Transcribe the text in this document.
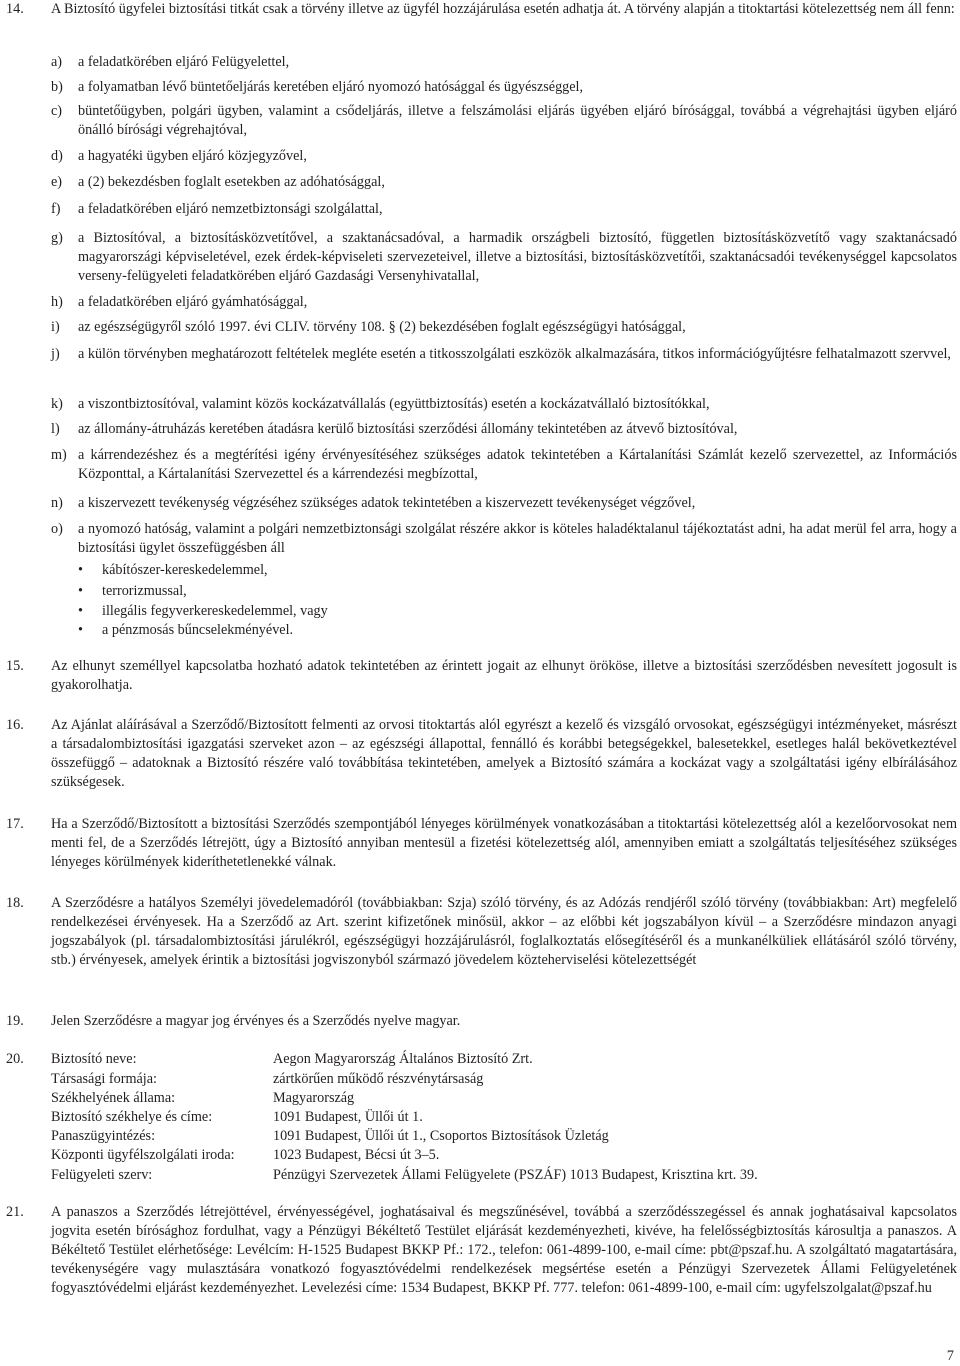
14. A Biztosító ügyfelei biztosítási titkát csak a törvény illetve az ügyfél hozzájárulása esetén adhatja át. A törvény alapján a titoktartási kötelezettség nem áll fenn:
a) a feladatkörében eljáró Felügyelettel,
b) a folyamatban lévő büntetőeljárás keretében eljáró nyomozó hatósággal és ügyészséggel,
c) büntetőügyben, polgári ügyben, valamint a csődeljárás, illetve a felszámolási eljárás ügyében eljáró bírósággal, továbbá a végrehajtási ügyben eljáró önálló bírósági végrehajtóval,
d) a hagyatéki ügyben eljáró közjegyzővel,
e) a (2) bekezdésben foglalt esetekben az adóhatósággal,
f) a feladatkörében eljáró nemzetbiztonsági szolgálattal,
g) a Biztosítóval, a biztosításközvetítővel, a szaktanácsadóval, a harmadik országbeli biztosító, független biztosításközvetítő vagy szaktanácsadó magyarországi képviseletével, ezek érdek-képviseleti szervezeteivel, illetve a biztosítási, biztosításközvetítői, szaktanácsadói tevékenységgel kapcsolatos verseny-felügyeleti feladatkörében eljáró Gazdasági Versenyhivatallal,
h) a feladatkörében eljáró gyámhatósággal,
i) az egészségügyről szóló 1997. évi CLIV. törvény 108. § (2) bekezdésében foglalt egészségügyi hatósággal,
j) a külön törvényben meghatározott feltételek megléte esetén a titkosszolgálati eszközök alkalmazására, titkos információgyűjtésre felhatalmazott szervvel,
k) a viszontbiztosítóval, valamint közös kockázatvállalás (együttbiztosítás) esetén a kockázatvállaló biztosítókkal,
l) az állomány-átruházás keretében átadásra kerülő biztosítási szerződési állomány tekintetében az átvevő biztosítóval,
m) a kárrendezéshez és a megtérítési igény érvényesítéséhez szükséges adatok tekintetében a Kártalanítási Számlát kezelő szervezettel, az Információs Központtal, a Kártalanítási Szervezettel és a kárrendezési megbízottal,
n) a kiszervezett tevékenység végzéséhez szükséges adatok tekintetében a kiszervezett tevékenységet végzővel,
o) a nyomozó hatóság, valamint a polgári nemzetbiztonsági szolgálat részére akkor is köteles haladéktalanul tájékoztatást adni, ha adat merül fel arra, hogy a biztosítási ügylet összefüggésben áll
• kábítószer-kereskedelemmel,
• terrorizmussal,
• illegális fegyverkereskedelemmel, vagy
• a pénzmosás bűncselekményével.
15. Az elhunyt személlyel kapcsolatba hozható adatok tekintetében az érintett jogait az elhunyt örököse, illetve a biztosítási szerződésben nevesített jogosult is gyakorolhatja.
16. Az Ajánlat aláírásával a Szerződő/Biztosított felmenti az orvosi titoktartás alól egyrészt a kezelő és vizsgáló orvosokat, egészségügyi intézményeket, másrészt a társadalombiztosítási igazgatási szerveket azon – az egészségi állapottal, fennálló és korábbi betegségekkel, balesetekkel, esetleges halál bekövetkeztével összefüggő – adatoknak a Biztosító részére való továbbítása tekintetében, amelyek a Biztosító számára a kockázat vagy a szolgáltatási igény elbírálásához szükségesek.
17. Ha a Szerződő/Biztosított a biztosítási Szerződés szempontjából lényeges körülmények vonatkozásában a titoktartási kötelezettség alól a kezelőorvosokat nem menti fel, de a Szerződés létrejött, úgy a Biztosító annyiban mentesül a fizetési kötelezettség alól, amennyiben emiatt a szolgáltatás teljesítéséhez szükséges lényeges körülmények kideríthetetlenekké válnak.
18. A Szerződésre a hatályos Személyi jövedelemadóról (továbbiakban: Szja) szóló törvény, és az Adózás rendjéről szóló törvény (továbbiakban: Art) megfelelő rendelkezései érvényesek. Ha a Szerződő az Art. szerint kifizetőnek minősül, akkor – az előbbi két jogszabályon kívül – a Szerződésre mindazon anyagi jogszabályok (pl. társadalombiztosítási járulékról, egészségügyi hozzájárulásról, foglalkoztatás elősegítéséről és a munkanélküliek ellátásáról szóló törvény, stb.) érvényesek, amelyek érintik a biztosítási jogviszonyból származó jövedelem közteherviselési kötelezettségét
19. Jelen Szerződésre a magyar jog érvényes és a Szerződés nyelve magyar.
20. Biztosító neve:	Aegon Magyarország Általános Biztosító Zrt.
Társasági formája:	zártkörűen működő részvénytársaság
Székhelyének állama:	Magyarország
Biztosító székhelye és címe:	1091 Budapest, Üllői út 1.
Panaszügyintézés:	1091 Budapest, Üllői út 1., Csoportos Biztosítások Üzletág
Központi ügyfélszolgálati iroda:	1023 Budapest, Bécsi út 3–5.
Felügyeleti szerv:	Pénzügyi Szervezetek Állami Felügyelete (PSZÁF) 1013 Budapest, Krisztina krt. 39.
21. A panaszos a Szerződés létrejöttével, érvényességével, joghatásaival és megszűnésével, továbbá a szerződésszegéssel és annak joghatásaival kapcsolatos jogvita esetén bírósághoz fordulhat, vagy a Pénzügyi Békéltető Testület eljárását kezdeményezheti, kivéve, ha felelősségbiztosítás károsultja a panaszos. A Békéltető Testület elérhetősége: Levélcím: H-1525 Budapest BKKP Pf.: 172., telefon: 061-4899-100, e-mail címe: pbt@pszaf.hu. A szolgáltató magatartására, tevékenységére vagy mulasztására vonatkozó fogyasztóvédelmi rendelkezések megsértése esetén a Pénzügyi Szervezetek Állami Felügyeletének fogyasztóvédelmi eljárást kezdeményezhet. Levelezési címe: 1534 Budapest, BKKP Pf. 777. telefon: 061-4899-100, e-mail cím: ugyfelszolgalat@pszaf.hu
7
